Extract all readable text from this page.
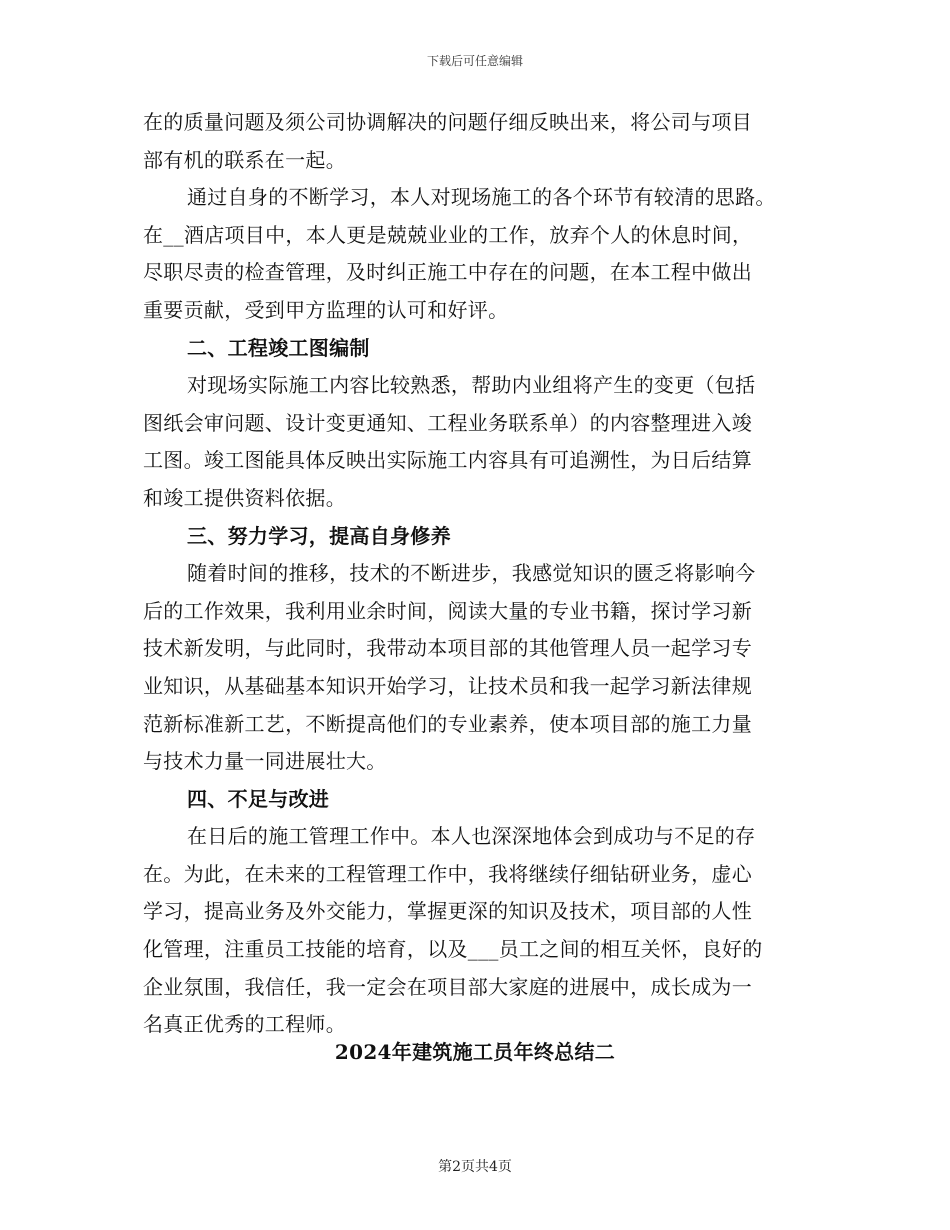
下载后可任意编辑
在的质量问题及须公司协调解决的问题仔细反映出来，将公司与项目
部有机的联系在一起。
通过自身的不断学习，本人对现场施工的各个环节有较清的思路。
在__酒店项目中，本人更是兢兢业业的工作，放弃个人的休息时间，
尽职尽责的检查管理，及时纠正施工中存在的问题，在本工程中做出
重要贡献，受到甲方监理的认可和好评。
二、工程竣工图编制
对现场实际施工内容比较熟悉，帮助内业组将产生的变更（包括
图纸会审问题、设计变更通知、工程业务联系单）的内容整理进入竣
工图。竣工图能具体反映出实际施工内容具有可追溯性，为日后结算
和竣工提供资料依据。
三、努力学习，提高自身修养
随着时间的推移，技术的不断进步，我感觉知识的匮乏将影响今
后的工作效果，我利用业余时间，阅读大量的专业书籍，探讨学习新
技术新发明，与此同时，我带动本项目部的其他管理人员一起学习专
业知识，从基础基本知识开始学习，让技术员和我一起学习新法律规
范新标准新工艺，不断提高他们的专业素养，使本项目部的施工力量
与技术力量一同进展壮大。
四、不足与改进
在日后的施工管理工作中。本人也深深地体会到成功与不足的存
在。为此，在未来的工程管理工作中，我将继续仔细钻研业务，虚心
学习，提高业务及外交能力，掌握更深的知识及技术，项目部的人性
化管理，注重员工技能的培育，以及___员工之间的相互关怀，良好的
企业氛围，我信任，我一定会在项目部大家庭的进展中，成长成为一
名真正优秀的工程师。
2024年建筑施工员年终总结二
第2页共4页
